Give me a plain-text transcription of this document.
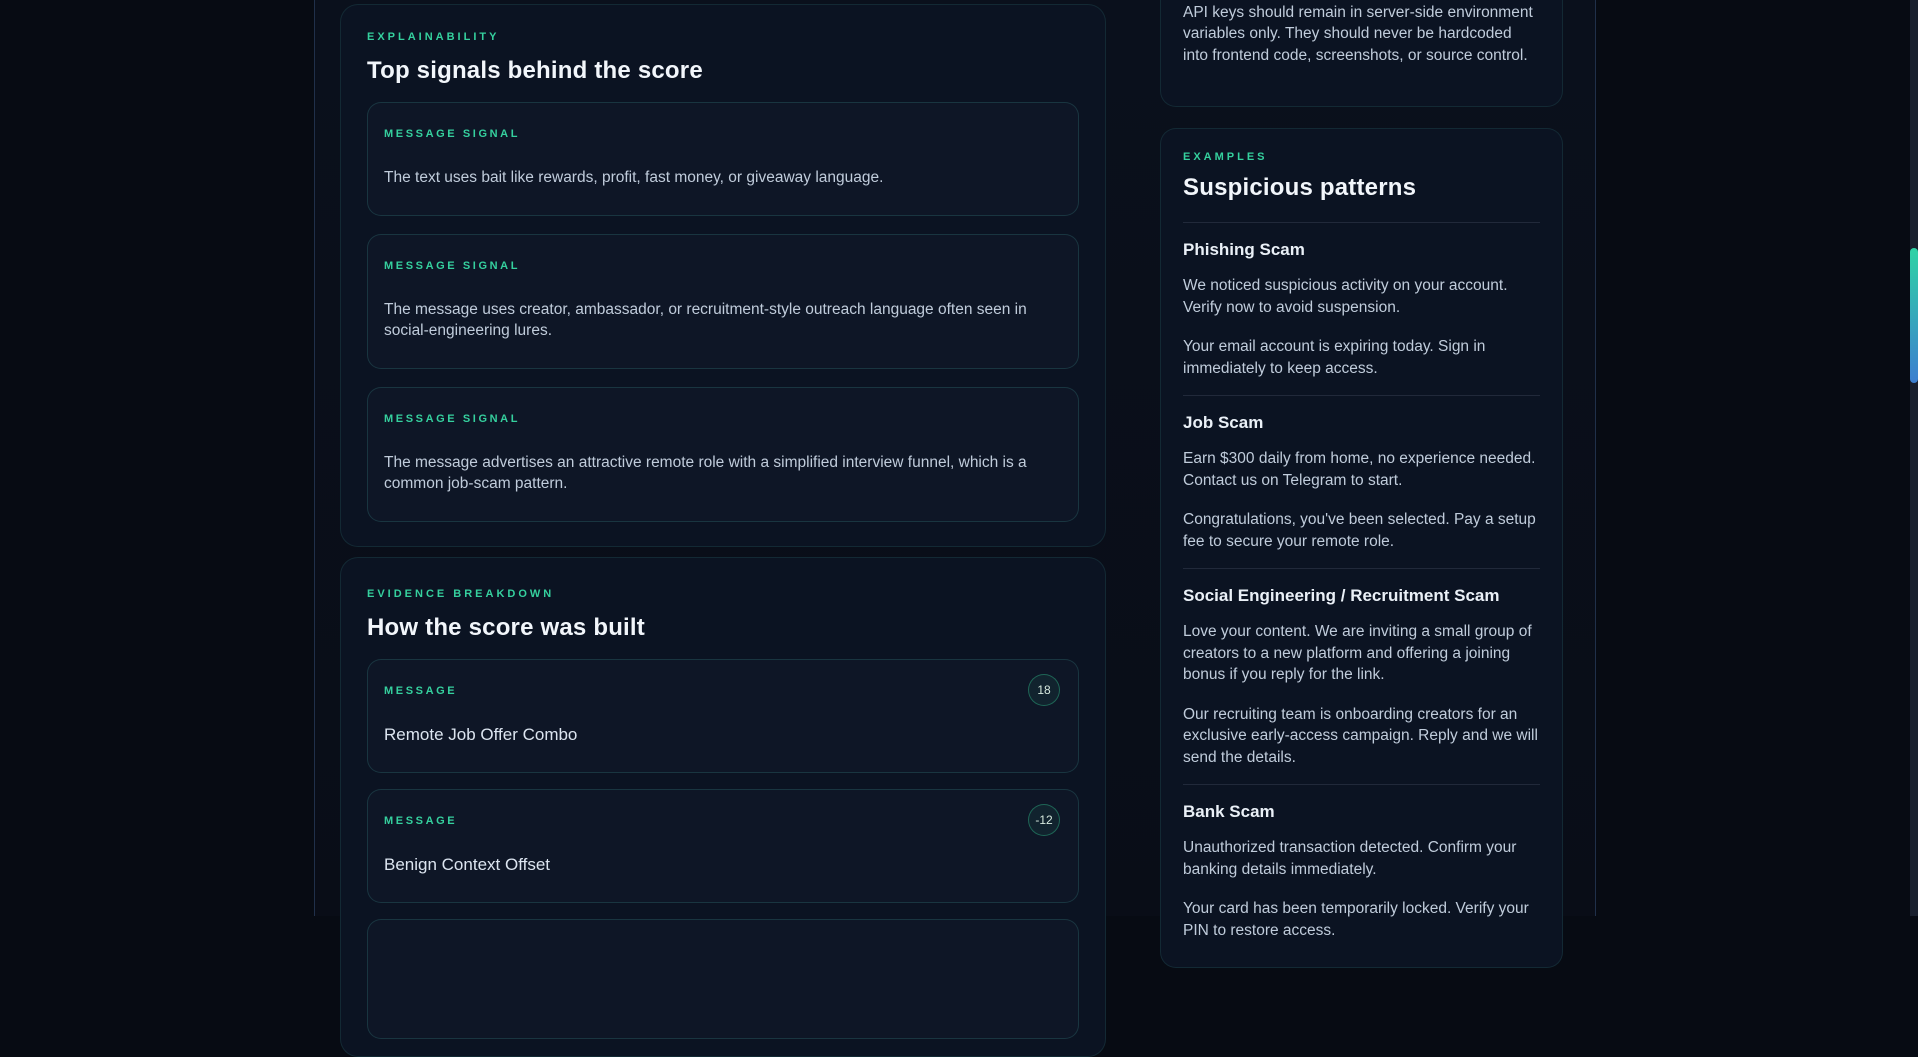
EXPLAINABILITY
Top signals behind the score
MESSAGE SIGNAL

The text uses bait like rewards, profit, fast money, or giveaway language.

MESSAGE SIGNAL

The message uses creator, ambassador, or recruitment-style outreach language often seen in social-engineering lures.

MESSAGE SIGNAL

The message advertises an attractive remote role with a simplified interview funnel, which is a common job-scam pattern.

EVIDENCE BREAKDOWN
How the score was built
MESSAGE

Remote Job Offer Combo

18
MESSAGE

Benign Context Offset

-12

API keys should remain in server-side environment variables only. They should never be hardcoded into frontend code, screenshots, or source control.

EXAMPLES
Suspicious patterns
Phishing Scam

We noticed suspicious activity on your account. Verify now to avoid suspension.

Your email account is expiring today. Sign in immediately to keep access.

Job Scam

Earn $300 daily from home, no experience needed. Contact us on Telegram to start.

Congratulations, you've been selected. Pay a setup fee to secure your remote role.

Social Engineering / Recruitment Scam

Love your content. We are inviting a small group of creators to a new platform and offering a joining bonus if you reply for the link.

Our recruiting team is onboarding creators for an exclusive early-access campaign. Reply and we will send the details.

Bank Scam

Unauthorized transaction detected. Confirm your banking details immediately.

Your card has been temporarily locked. Verify your PIN to restore access.
